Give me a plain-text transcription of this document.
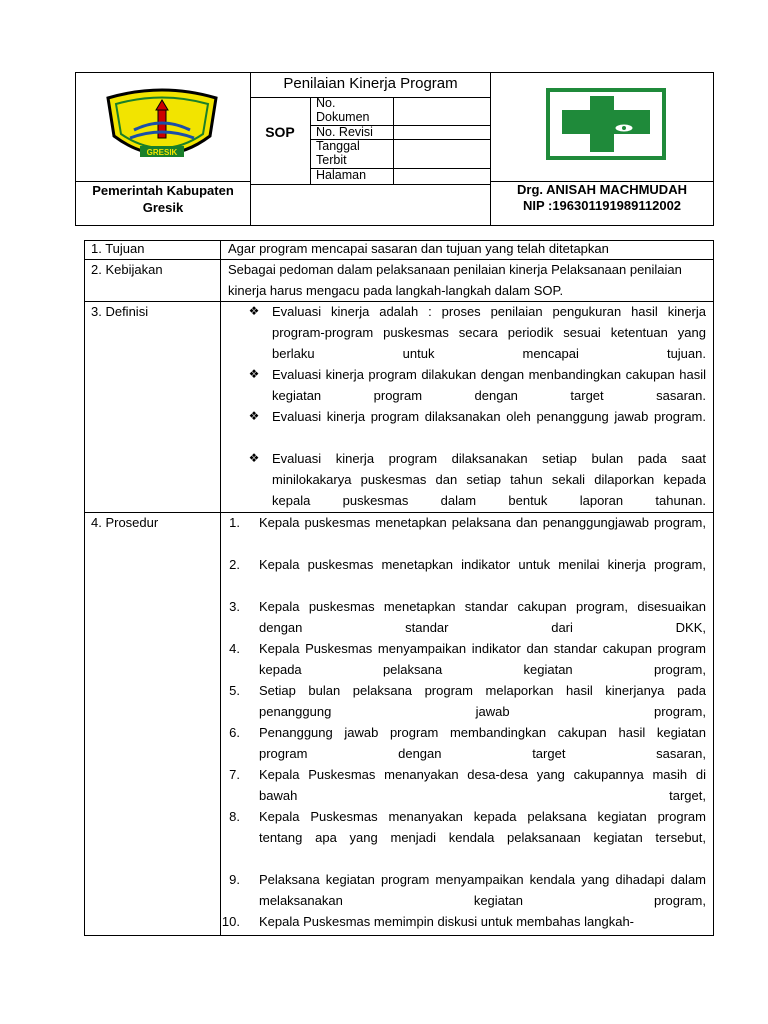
GRESIK
Penilaian Kinerja Program
SOP
No. Dokumen
No. Revisi
Tanggal Terbit
Halaman
Pemerintah Kabupaten Gresik
Drg. ANISAH MACHMUDAH
NIP :196301191989112002
1. Tujuan	Agar program mencapai sasaran dan tujuan yang telah ditetapkan
2. Kebijakan	Sebagai pedoman dalam pelaksanaan penilaian kinerja Pelaksanaan penilaian kinerja harus mengacu pada langkah-langkah dalam SOP.
3. Definisi	❖ Evaluasi kinerja adalah : proses penilaian pengukuran hasil kinerja program-program puskesmas secara periodik sesuai ketentuan yang berlaku untuk mencapai tujuan.
❖ Evaluasi kinerja program dilakukan dengan menbandingkan cakupan hasil kegiatan program dengan target sasaran.
❖ Evaluasi kinerja program dilaksanakan oleh penanggung jawab program.
❖ Evaluasi kinerja program dilaksanakan setiap bulan pada saat minilokakarya puskesmas dan setiap tahun sekali dilaporkan kepada kepala puskesmas dalam bentuk laporan tahunan.
4. Prosedur	1. Kepala puskesmas menetapkan pelaksana dan penanggungjawab program,
2. Kepala puskesmas menetapkan indikator untuk menilai kinerja program,
3. Kepala puskesmas menetapkan standar cakupan program, disesuaikan dengan standar dari DKK,
4. Kepala Puskesmas menyampaikan indikator dan standar cakupan program kepada pelaksana kegiatan program,
5. Setiap bulan pelaksana program melaporkan hasil kinerjanya pada penanggung jawab program,
6. Penanggung jawab program membandingkan cakupan hasil kegiatan program dengan target sasaran,
7. Kepala Puskesmas menanyakan desa-desa yang cakupannya masih di bawah target,
8. Kepala Puskesmas menanyakan kepada pelaksana kegiatan program tentang apa yang menjadi kendala pelaksanaan kegiatan tersebut,
9. Pelaksana kegiatan program menyampaikan kendala yang dihadapi dalam melaksanakan kegiatan program,
10. Kepala Puskesmas memimpin diskusi untuk membahas langkah-
